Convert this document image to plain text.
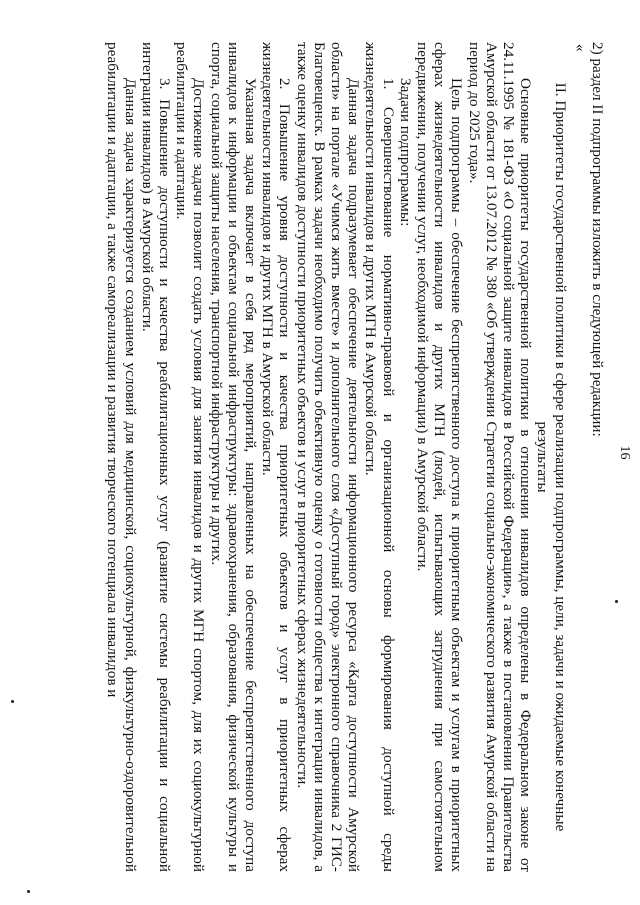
16

2) раздел II подпрограммы изложить в следующей редакции:

«

II. Приоритеты государственной политики в сфере реализации подпрограммы, цели, задачи и ожидаемые конечные

результаты

Основные приоритеты государственной политики в отношении инвалидов определены в Федеральном законе от 24.11.1995 № 181-ФЗ «О социальной защите инвалидов в Российской Федерации», а также в постановлении Правительства Амурской области от 13.07.2012 № 380 «Об утверждении Стратегии социально-экономического развития Амурской области на период до 2025 года».

Цель подпрограммы – обеспечение беспрепятственного доступа к приоритетным объектам и услугам в приоритетных сферах жизнедеятельности инвалидов и других МГН (людей, испытывающих затруднения при самостоятельном передвижении, получении услуг, необходимой информации) в Амурской области.

Задачи подпрограммы:

1. Совершенствование нормативно-правовой и организационной основы формирования доступной среды жизнедеятельности инвалидов и других МГН в Амурской области.

Данная задача подразумевает обеспечение деятельности информационного ресурса «Карта доступности Амурской области» на портале «Учимся жить вместе» и дополнительного слоя «Доступный город» электронного справочника 2 ГИС-Благовещенск. В рамках задачи необходимо получить объективную оценку о готовности общества к интеграции инвалидов, а также оценку инвалидов доступности приоритетных объектов и услуг в приоритетных сферах жизнедеятельности.

2. Повышение уровня доступности и качества приоритетных объектов и услуг в приоритетных сферах жизнедеятельности инвалидов и других МГН в Амурской области.

Указанная задача включает в себя ряд мероприятий, направленных на обеспечение беспрепятственного доступа инвалидов к информации и объектам социальной инфраструктуры: здравоохранения, образования, физической культуры и спорта, социальной защиты населения, транспортной инфраструктуры и других.

Достижение задачи позволит создать условия для занятия инвалидов и других МГН спортом, для их социокультурной реабилитации и адаптации.

3. Повышение доступности и качества реабилитационных услуг (развитие системы реабилитации и социальной интеграции инвалидов) в Амурской области.

Данная задача характеризуется созданием условий для медицинской, социокультурной, физкультурно-оздоровительной реабилитации и адаптации, а также самореализации и развития творческого потенциала инвалидов и
